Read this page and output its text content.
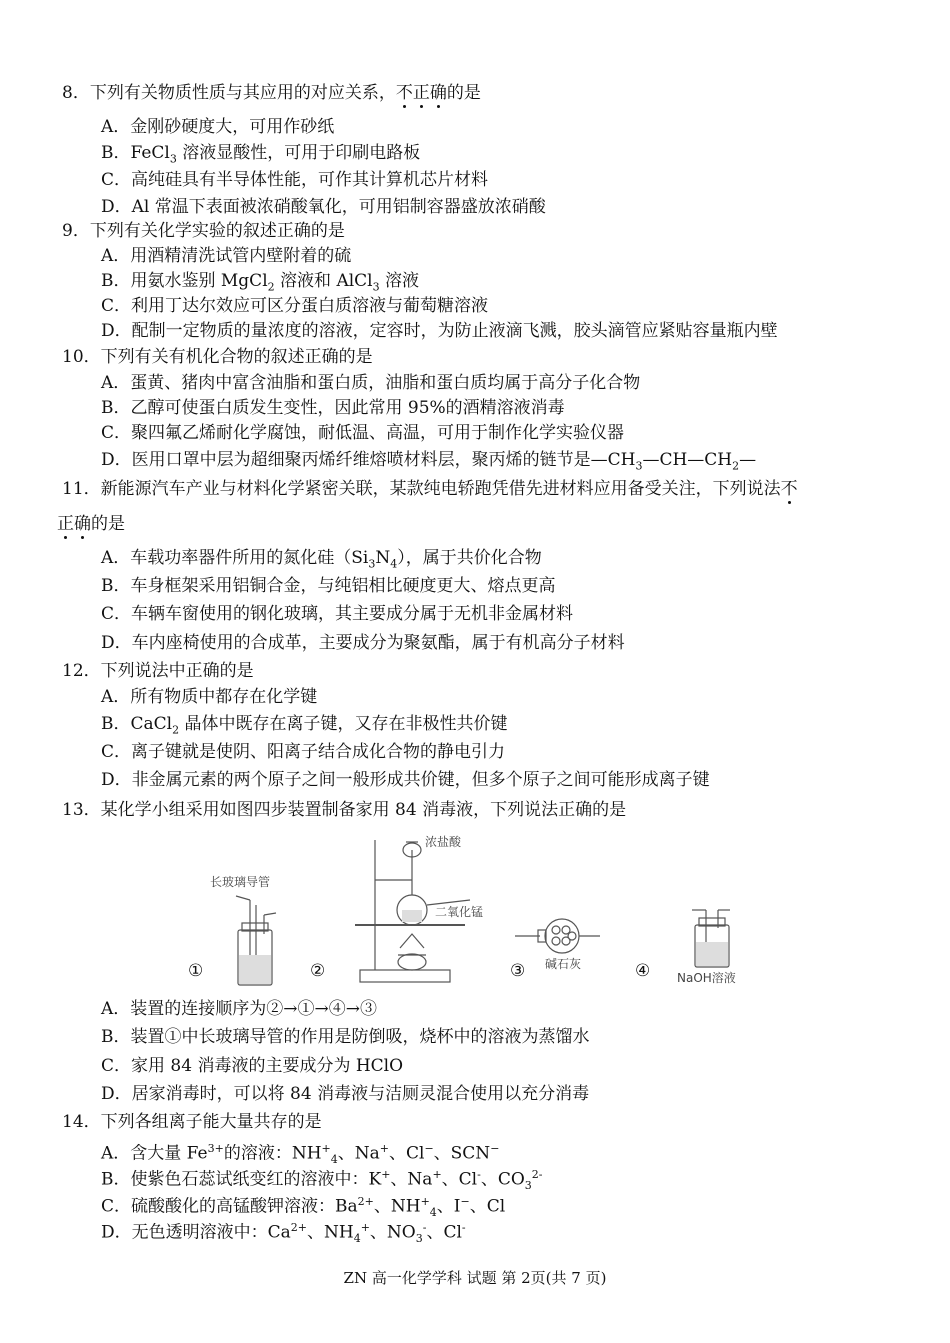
8．下列有关物质性质与其应用的对应关系，不正确的是
A．金刚砂硬度大，可用作砂纸
B．FeCl$_3$ 溶液显酸性，可用于印刷电路板
C．高纯硅具有半导体性能，可作其计算机芯片材料
D．Al 常温下表面被浓硝酸氧化，可用铝制容器盛放浓硝酸
9．下列有关化学实验的叙述正确的是
A．用酒精清洗试管内壁附着的硫
B．用氨水鉴别 MgCl$_2$ 溶液和 AlCl$_3$ 溶液
C．利用丁达尔效应可区分蛋白质溶液与葡萄糖溶液
D．配制一定物质的量浓度的溶液，定容时，为防止液滴飞溅，胶头滴管应紧贴容量瓶内壁
10．下列有关有机化合物的叙述正确的是
A．蛋黄、猪肉中富含油脂和蛋白质，油脂和蛋白质均属于高分子化合物
B．乙醇可使蛋白质发生变性，因此常用 95%的酒精溶液消毒
C．聚四氟乙烯耐化学腐蚀，耐低温、高温，可用于制作化学实验仪器
D．医用口罩中层为超细聚丙烯纤维熔喷材料层，聚丙烯的链节是$—CH_3—CH—CH_2—$
11．新能源汽车产业与材料化学紧密关联，某款纯电轿跑凭借先进材料应用备受关注，下列说法不
正确的是
A．车载功率器件所用的氮化硅$(Si_3N_4)$，属于共价化合物
B．车身框架采用铝铜合金，与纯铝相比硬度更大、熔点更高
C．车辆车窗使用的钢化玻璃，其主要成分属于无机非金属材料
D．车内座椅使用的合成革，主要成分为聚氨酯，属于有机高分子材料
12．下列说法中正确的是
A．所有物质中都存在化学键
B．CaCl$_2$ 晶体中既存在离子键，又存在非极性共价键
C．离子键就是使阴、阳离子结合成化合物的静电引力
D．非金属元素的两个原子之间一般形成共价键，但多个原子之间可能形成离子键
13．某化学小组采用如图四步装置制备家用 84 消毒液，下列说法正确的是
①	②	③	④
长玻璃导管
浓盐酸
二氧化锰
碱石灰
NaOH溶液
A．装置的连接顺序为②→①→④→③
B．装置①中长玻璃导管的作用是防倒吸，烧杯中的溶液为蒸馏水
C．家用 84 消毒液的主要成分为 HClO
D．居家消毒时，可以将 84 消毒液与洁厕灵混合使用以充分消毒
14．下列各组离子能大量共存的是
A．含大量 $Fe^{3+}$的溶液：$NH^+_4$、Na+、Cl−、SCN−
B．使紫色石蕊试纸变红的溶液中：K+、Na+、Cl-、$CO_3^{2-}$
C．硫酸酸化的高锰酸钾溶液：$Ba^{2+}$、$NH^+_4$、I−、Cl
D．无色透明溶液中：$Ca^{2+}$、$NH_4^+$、$NO_3^-$、Cl-
ZN 高一化学学科 试题 第 2页(共 7 页)
